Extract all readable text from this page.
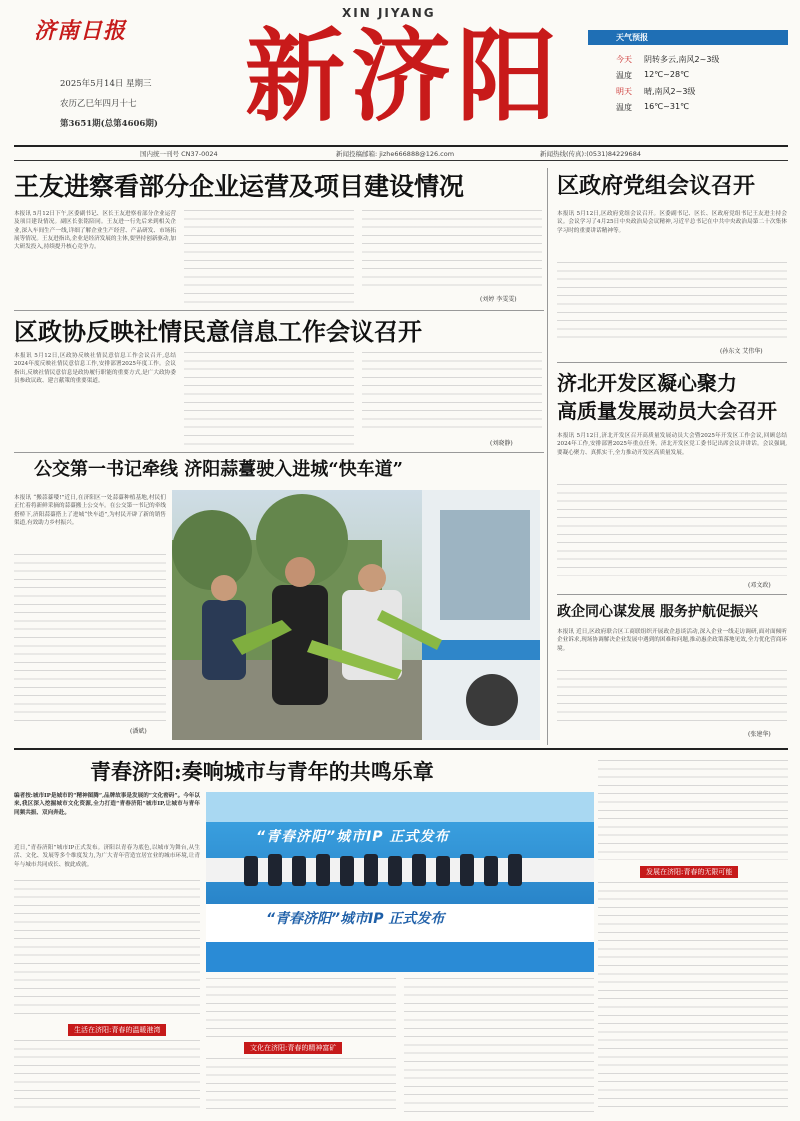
济南日报
2025年5月14日 星期三
农历乙巳年四月十七
第3651期(总第4606期)
XIN JIYANG
新济阳	天气预报
今天 阴转多云,南风2~3级
温度 12℃~28℃
明天 晴,南风2~3级
温度 16℃~31℃
国内统一刊号 CN37-0024	新闻投稿邮箱: jizhe666888@126.com	新闻热线(传真):(0531)84229684
王友进察看部分企业运营及项目建设情况
本报讯 5月12日下午,区委副书记、区长王友进察看部分企业运营及项目建设情况。副区长张铭陪同。王友进一行先后来到相关企业,深入车间生产一线,详细了解企业生产经营、产品研发、市场拓展等情况。王友进指出,企业是经济发展的主体,要坚持创新驱动,加大研发投入,持续提升核心竞争力。
(刘婷 李雯雯)
区政协反映社情民意信息工作会议召开
本报讯 5月12日,区政协反映社情民意信息工作会议召开,总结2024年度反映社情民意信息工作,安排部署2025年度工作。会议指出,反映社情民意信息是政协履行职能的重要方式,是广大政协委员参政议政、建言献策的重要渠道。
(刘晓静)
区政府党组会议召开
本报讯 5月12日,区政府党组会议召开。区委副书记、区长、区政府党组书记王友进主持会议。会议学习了4月25日中央政治局会议精神,习近平总书记在中共中央政治局第二十次集体学习时的重要讲话精神等。
(孙东文 艾伟华)
济北开发区凝心聚力
高质量发展动员大会召开
本报讯 5月12日,济北开发区召开高质量发展动员大会暨2025年开发区工作会议,回顾总结2024年工作,安排部署2025年重点任务。济北开发区党工委书记出席会议并讲话。会议强调,要凝心聚力、真抓实干,全力推动开发区高质量发展。
(邓文政)
政企同心谋发展 服务护航促振兴
本报讯 近日,区政府联合区工商联组织开展政企恳谈活动,深入企业一线走访调研,面对面倾听企业诉求,现场协调解决企业发展中遇到的困难和问题,推动惠企政策落地见效,全力优化营商环境。
(张建华)
公交第一书记牵线 济阳蒜薹驶入进城“快车道”
本报讯 “搬蒜薹喽!”近日,在济阳区一处蒜薹种植基地,村民们正忙着将新鲜采摘的蒜薹搬上公交车。在公交第一书记的牵线搭桥下,济阳蒜薹搭上了进城“快车道”,为村民开辟了新的销售渠道,有效助力乡村振兴。
(潘斌)
青春济阳:奏响城市与青年的共鸣乐章
发展在济阳:青春的无限可能
编者按:城市IP是城市的“精神图腾”,品牌故事是发展的“文化密码”。今年以来,我区深入挖掘城市文化资源,全力打造“青春济阳”城市IP,让城市与青年同频共振、双向奔赴。
近日,“青春济阳”城市IP正式发布。济阳以青春为底色,以城市为舞台,从生活、文化、发展等多个维度发力,为广大青年营造宜居宜业的城市环境,让青年与城市共同成长、彼此成就。
生活在济阳:青春的温暖港湾
“青春济阳”城市IP 正式发布
“青春济阳”城市IP 正式发布
文化在济阳:青春的精神富矿
